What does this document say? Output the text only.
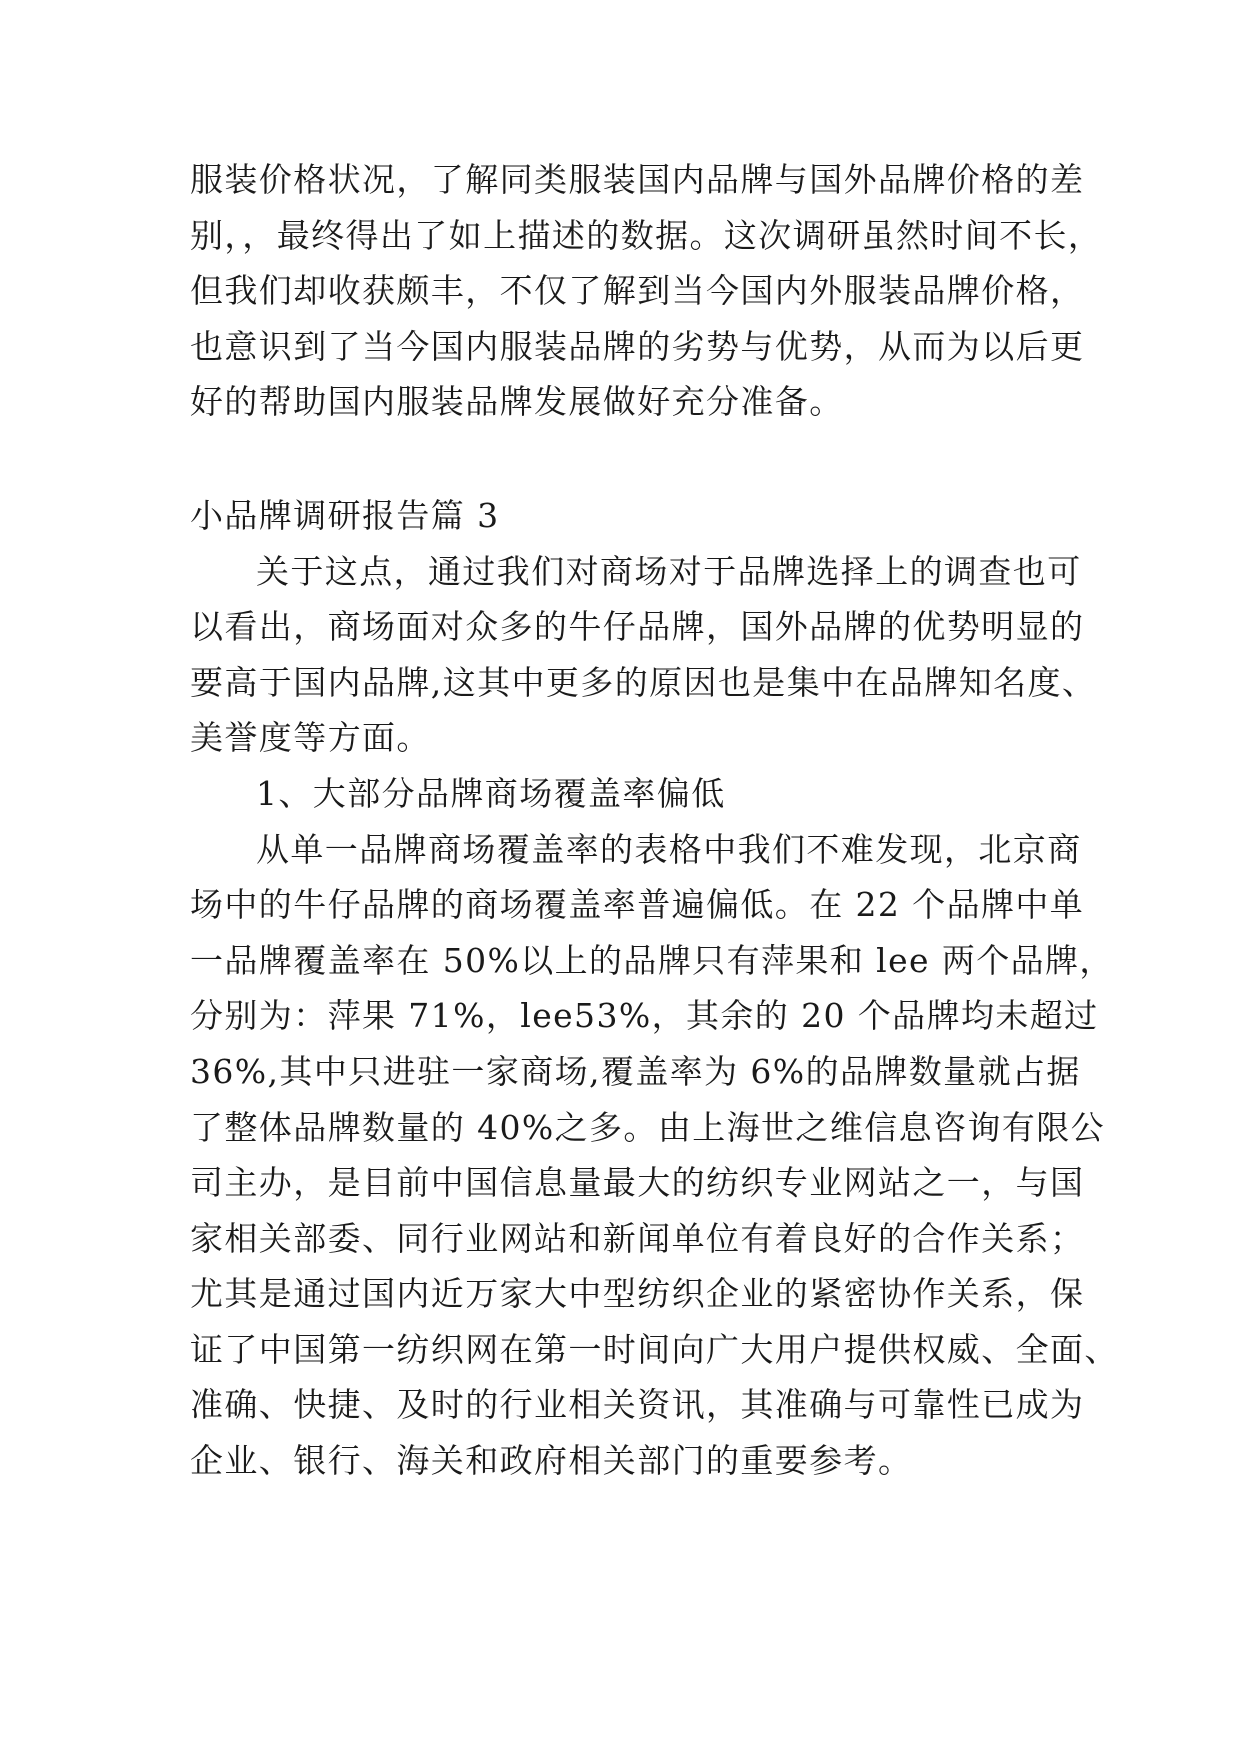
服装价格状况，了解同类服装国内品牌与国外品牌价格的差
别，，最终得出了如上描述的数据。这次调研虽然时间不长，
但我们却收获颇丰，不仅了解到当今国内外服装品牌价格，
也意识到了当今国内服装品牌的劣势与优势，从而为以后更
好的帮助国内服装品牌发展做好充分准备。
小品牌调研报告篇 3
关于这点，通过我们对商场对于品牌选择上的调查也可
以看出，商场面对众多的牛仔品牌，国外品牌的优势明显的
要高于国内品牌,这其中更多的原因也是集中在品牌知名度、
美誉度等方面。
1、大部分品牌商场覆盖率偏低
从单一品牌商场覆盖率的表格中我们不难发现，北京商
场中的牛仔品牌的商场覆盖率普遍偏低。在 22 个品牌中单
一品牌覆盖率在 50%以上的品牌只有萍果和 lee 两个品牌，
分别为：萍果 71%，lee53%，其余的 20 个品牌均未超过
36%,其中只进驻一家商场,覆盖率为 6%的品牌数量就占据
了整体品牌数量的 40%之多。由上海世之维信息咨询有限公
司主办，是目前中国信息量最大的纺织专业网站之一，与国
家相关部委、同行业网站和新闻单位有着良好的合作关系；
尤其是通过国内近万家大中型纺织企业的紧密协作关系，保
证了中国第一纺织网在第一时间向广大用户提供权威、全面、
准确、快捷、及时的行业相关资讯，其准确与可靠性已成为
企业、银行、海关和政府相关部门的重要参考。
